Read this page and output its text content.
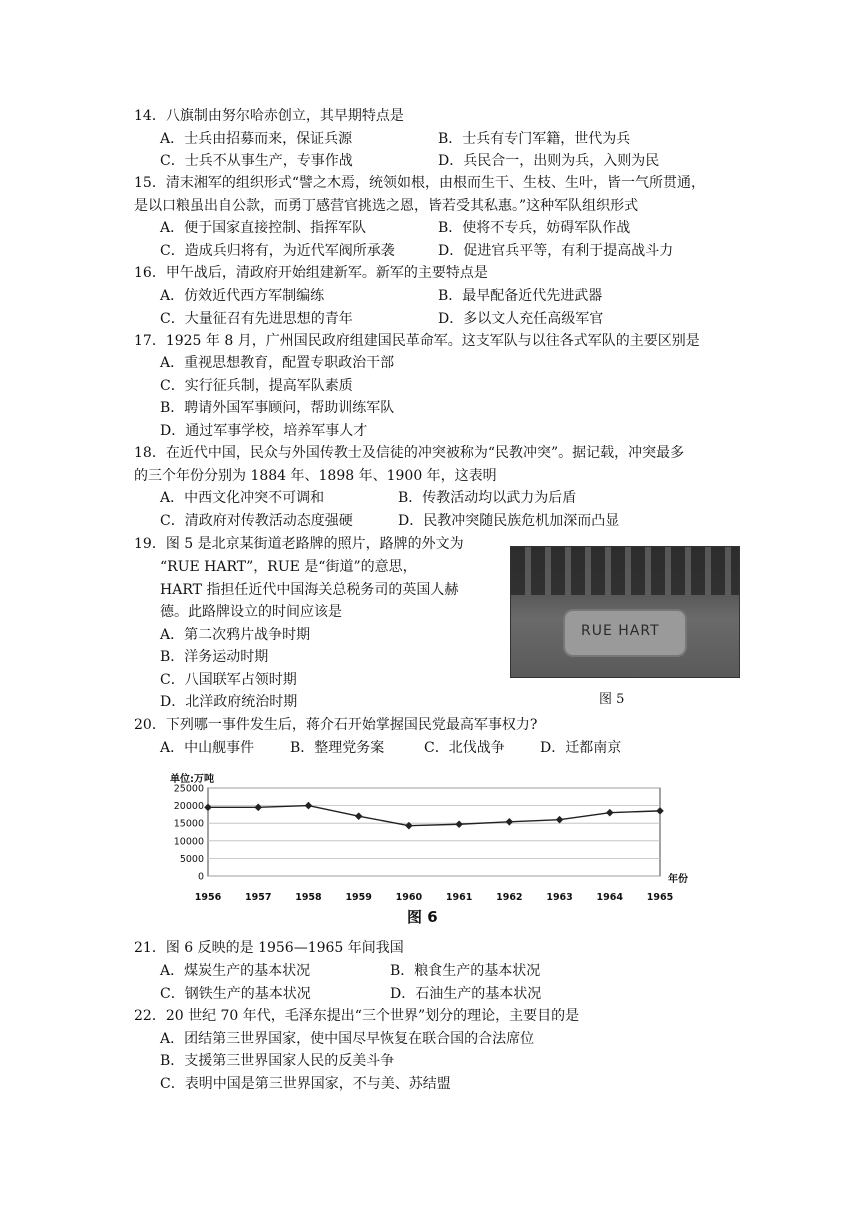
14．八旗制由努尔哈赤创立，其早期特点是
A．士兵由招募而来，保证兵源	B．士兵有专门军籍，世代为兵
C．士兵不从事生产，专事作战	D．兵民合一，出则为兵，入则为民
15．清末湘军的组织形式“譬之木焉，统领如根，由根而生干、生枝、生叶，皆一气所贯通，
是以口粮虽出自公款，而勇丁感营官挑选之恩，皆若受其私惠。”这种军队组织形式
A．便于国家直接控制、指挥军队	B．使将不专兵，妨碍军队作战
C．造成兵归将有，为近代军阀所承袭	D．促进官兵平等，有利于提高战斗力
16．甲午战后，清政府开始组建新军。新军的主要特点是
A．仿效近代西方军制编练	B．最早配备近代先进武器
C．大量征召有先进思想的青年	D．多以文人充任高级军官
17．1925 年 8 月，广州国民政府组建国民革命军。这支军队与以往各式军队的主要区别是
A．重视思想教育，配置专职政治干部
C．实行征兵制，提高军队素质
B．聘请外国军事顾问，帮助训练军队
D．通过军事学校，培养军事人才
18．在近代中国，民众与外国传教士及信徒的冲突被称为“民教冲突”。据记载，冲突最多
的三个年份分别为 1884 年、1898 年、1900 年，这表明
A．中西文化冲突不可调和	B．传教活动均以武力为后盾
C．清政府对传教活动态度强硬	D．民教冲突随民族危机加深而凸显
19．图 5 是北京某街道老路牌的照片，路牌的外文为
“RUE HART”，RUE 是“街道”的意思，
HART 指担任近代中国海关总税务司的英国人赫
德。此路牌设立的时间应该是
A．第二次鸦片战争时期
B．洋务运动时期
C．八国联军占领时期
D．北洋政府统治时期
RUE HART
图 5
20．下列哪一事件发生后，蒋介石开始掌握国民党最高军事权力?
A．中山舰事件	B．整理党务案	C．北伐战争	D．迁都南京
单位:万吨
年份
0
5000
10000
15000
20000
25000
1956	1957	1958	1959	1960	1961	1962	1963	1964	1965
图 6
21．图 6 反映的是 1956—1965 年间我国
A．煤炭生产的基本状况	B．粮食生产的基本状况
C．钢铁生产的基本状况	D．石油生产的基本状况
22．20 世纪 70 年代，毛泽东提出“三个世界”划分的理论，主要目的是
A．团结第三世界国家，使中国尽早恢复在联合国的合法席位
B．支援第三世界国家人民的反美斗争
C．表明中国是第三世界国家，不与美、苏结盟
